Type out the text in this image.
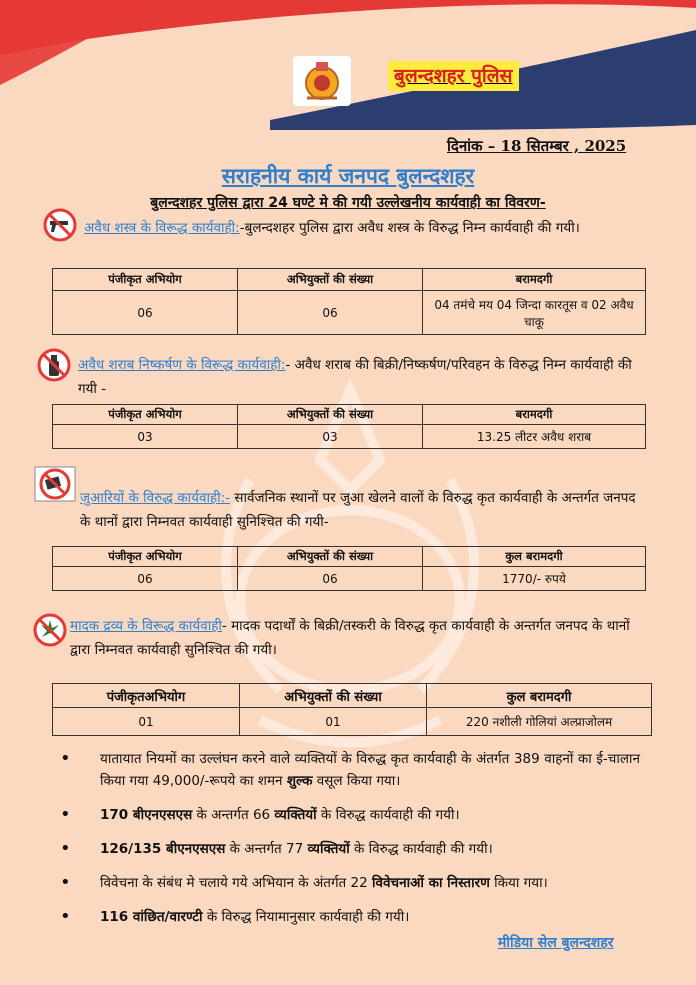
बुलन्दशहर पुलिस
दिनांक – 18 सितम्बर , 2025
सराहनीय कार्य जनपद बुलन्दशहर
बुलन्दशहर पुलिस द्वारा 24 घण्टे मे की गयी उल्लेखनीय कार्यवाही का विवरण-
अवैध शस्त्र के विरूद्ध कार्यवाही:-बुलन्दशहर पुलिस द्वारा अवैध शस्त्र के विरुद्ध निम्न कार्यवाही की गयी।
पंजीकृत अभियोग	अभियुक्तों की संख्या	बरामदगी
06	06	04 तमंचे मय 04 जिन्दा कारतूस व 02 अवैध चाकू
अवैध शराब निष्कर्षण के विरूद्ध कार्यवाही:- अवैध शराब की बिक्री/निष्कर्षण/परिवहन के विरुद्ध निम्न कार्यवाही की गयी -
पंजीकृत अभियोग	अभियुक्तों की संख्या	बरामदगी
03	03	13.25 लीटर अवैध शराब
जुआरियों के विरुद्ध कार्यवाही:- सार्वजनिक स्थानों पर जुआ खेलने वालों के विरुद्ध कृत कार्यवाही के अन्तर्गत जनपद के थानों द्वारा निम्नवत कार्यवाही सुनिश्चित की गयी-
पंजीकृत अभियोग	अभियुक्तों की संख्या	कुल बरामदगी
06	06	1770/- रुपये
मादक द्रव्य के विरूद्ध कार्यवाही- मादक पदार्थों के बिक्री/तस्करी के विरुद्ध कृत कार्यवाही के अन्तर्गत जनपद के थानों द्वारा निम्नवत कार्यवाही सुनिश्चित की गयी।
पंजीकृतअभियोग	अभियुक्तों की संख्या	कुल बरामदगी
01	01	220 नशीली गोलियां अल्प्राजोलम
• यातायात नियमों का उल्लंघन करने वाले व्यक्तियों के विरुद्ध कृत कार्यवाही के अंतर्गत 389 वाहनों का ई-चालान किया गया 49,000/-रूपये का शमन शुल्क वसूल किया गया।
• 170 बीएनएसएस के अन्तर्गत 66 व्यक्तियों के विरुद्ध कार्यवाही की गयी।
• 126/135 बीएनएसएस के अन्तर्गत 77 व्यक्तियों के विरुद्ध कार्यवाही की गयी।
• विवेचना के संबंध मे चलाये गये अभियान के अंतर्गत 22 विवेचनाओं का निस्तारण किया गया।
• 116 वांछित/वारण्टी के विरुद्ध नियामानुसार कार्यवाही की गयी।
मीडिया सेल बुलन्दशहर
